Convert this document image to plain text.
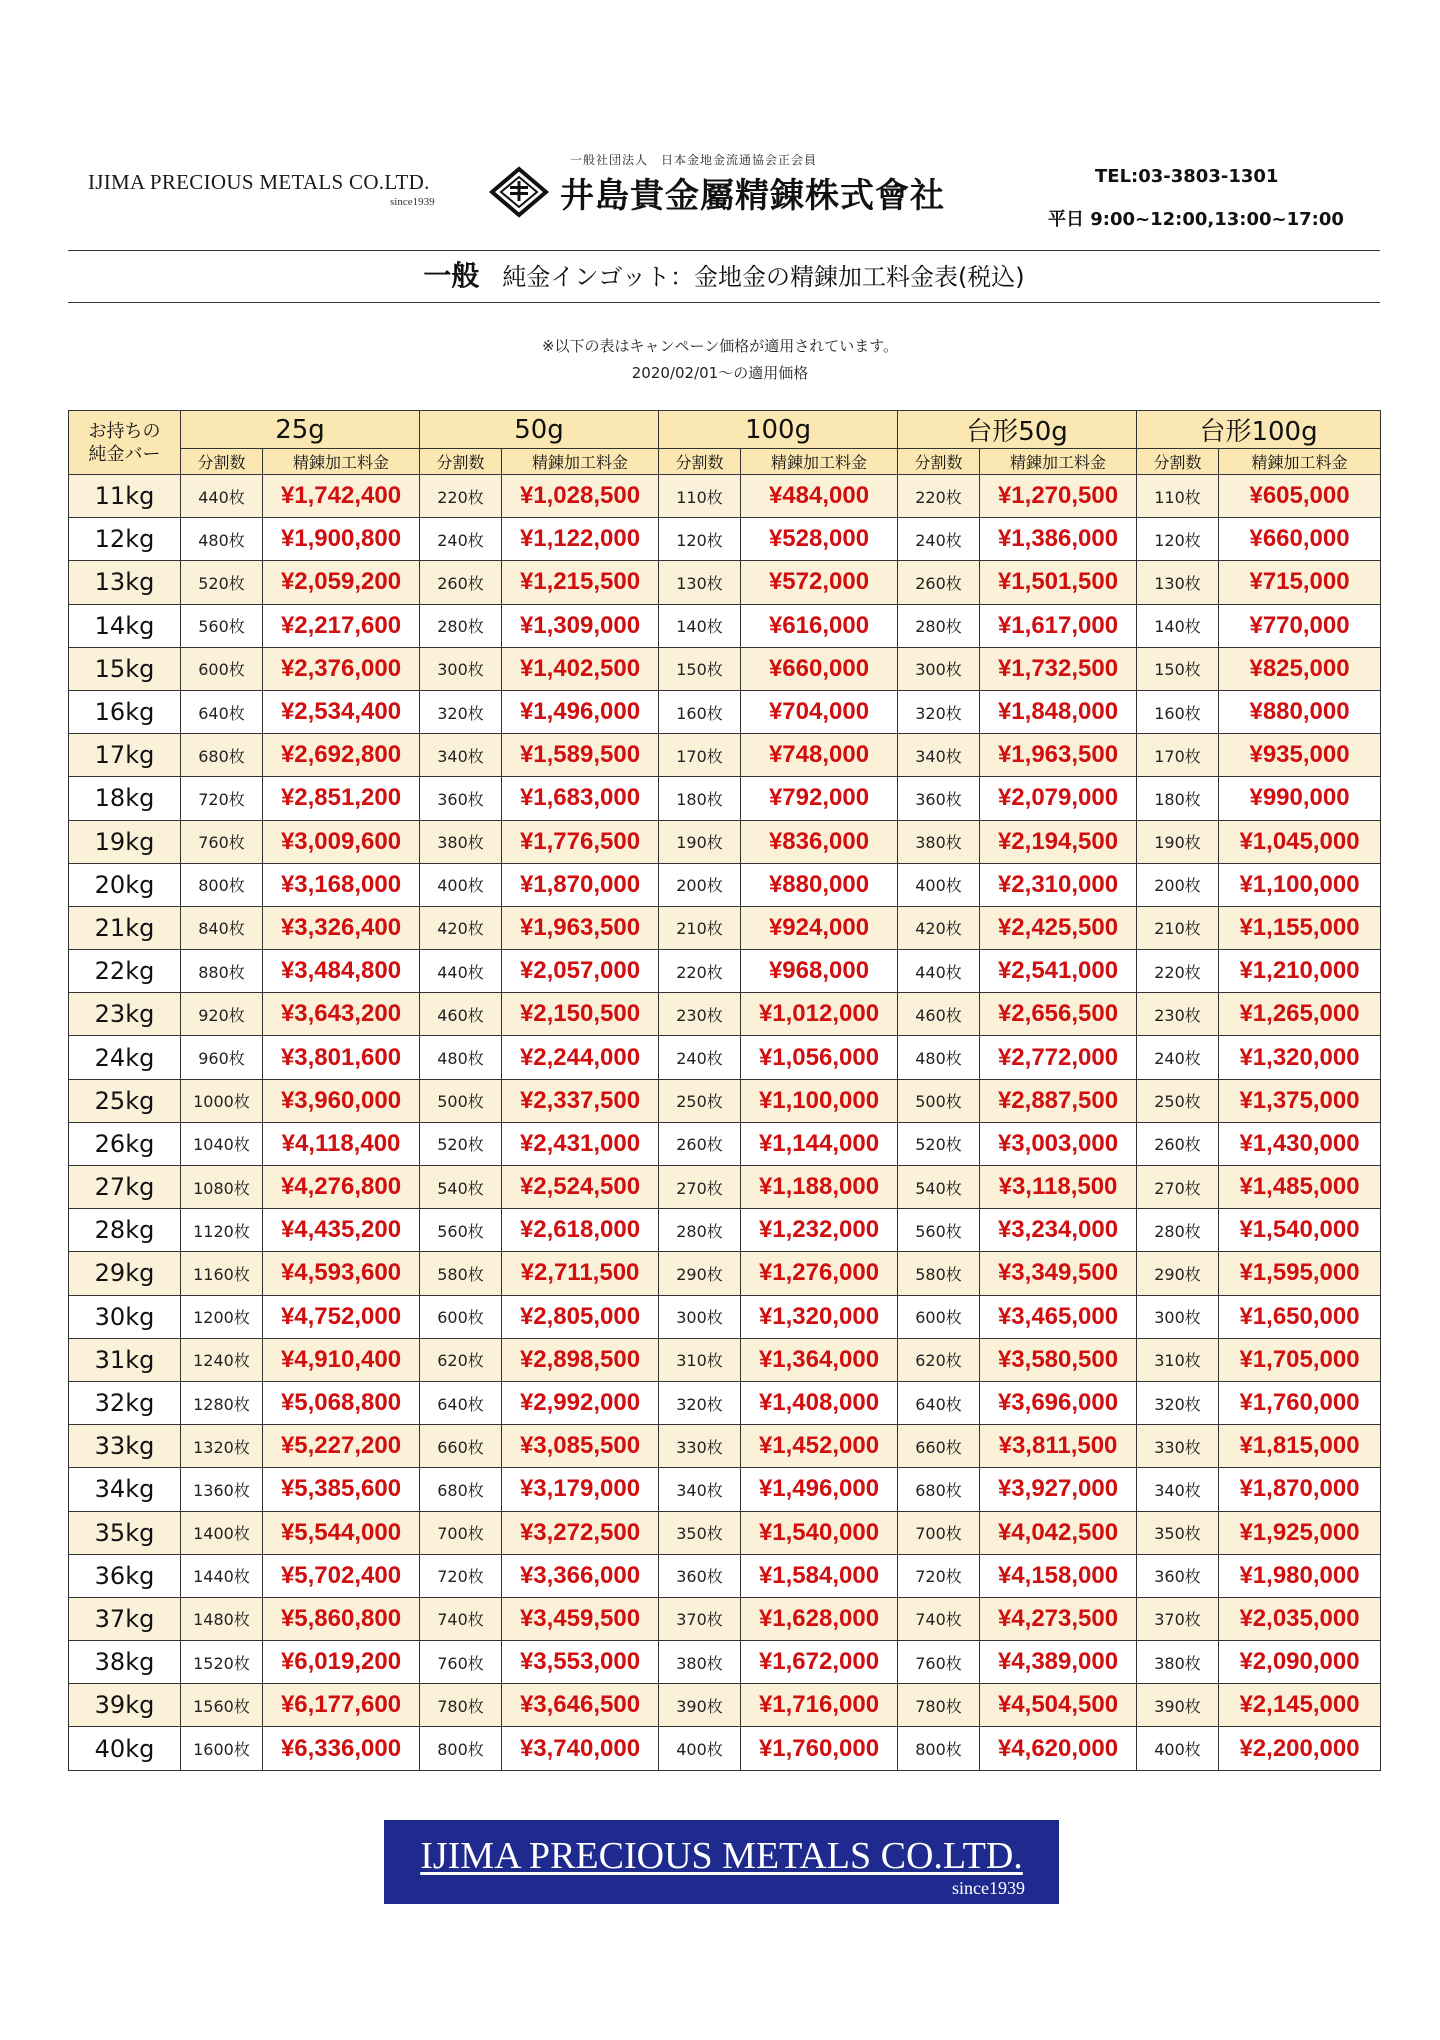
IJIMA PRECIOUS METALS CO.LTD.
since1939
一般社団法人　日本金地金流通協会正会員
井島貴金屬精錬株式會社	TEL:03-3803-1301
平日 9:00~12:00,13:00~17:00
一般 純金インゴット：金地金の精錬加工料金表(税込)
※以下の表はキャンペーン価格が適用されています。
2020/02/01～の適用価格
お持ちの
純金バー	25g		50g		100g		台形50g		台形100g	
	分割数	精錬加工料金	分割数	精錬加工料金	分割数	精錬加工料金	分割数	精錬加工料金	分割数	精錬加工料金
11kg	440枚	¥1,742,400	220枚	¥1,028,500	110枚	¥484,000	220枚	¥1,270,500	110枚	¥605,000
12kg	480枚	¥1,900,800	240枚	¥1,122,000	120枚	¥528,000	240枚	¥1,386,000	120枚	¥660,000
13kg	520枚	¥2,059,200	260枚	¥1,215,500	130枚	¥572,000	260枚	¥1,501,500	130枚	¥715,000
14kg	560枚	¥2,217,600	280枚	¥1,309,000	140枚	¥616,000	280枚	¥1,617,000	140枚	¥770,000
15kg	600枚	¥2,376,000	300枚	¥1,402,500	150枚	¥660,000	300枚	¥1,732,500	150枚	¥825,000
16kg	640枚	¥2,534,400	320枚	¥1,496,000	160枚	¥704,000	320枚	¥1,848,000	160枚	¥880,000
17kg	680枚	¥2,692,800	340枚	¥1,589,500	170枚	¥748,000	340枚	¥1,963,500	170枚	¥935,000
18kg	720枚	¥2,851,200	360枚	¥1,683,000	180枚	¥792,000	360枚	¥2,079,000	180枚	¥990,000
19kg	760枚	¥3,009,600	380枚	¥1,776,500	190枚	¥836,000	380枚	¥2,194,500	190枚	¥1,045,000
20kg	800枚	¥3,168,000	400枚	¥1,870,000	200枚	¥880,000	400枚	¥2,310,000	200枚	¥1,100,000
21kg	840枚	¥3,326,400	420枚	¥1,963,500	210枚	¥924,000	420枚	¥2,425,500	210枚	¥1,155,000
22kg	880枚	¥3,484,800	440枚	¥2,057,000	220枚	¥968,000	440枚	¥2,541,000	220枚	¥1,210,000
23kg	920枚	¥3,643,200	460枚	¥2,150,500	230枚	¥1,012,000	460枚	¥2,656,500	230枚	¥1,265,000
24kg	960枚	¥3,801,600	480枚	¥2,244,000	240枚	¥1,056,000	480枚	¥2,772,000	240枚	¥1,320,000
25kg	1000枚	¥3,960,000	500枚	¥2,337,500	250枚	¥1,100,000	500枚	¥2,887,500	250枚	¥1,375,000
26kg	1040枚	¥4,118,400	520枚	¥2,431,000	260枚	¥1,144,000	520枚	¥3,003,000	260枚	¥1,430,000
27kg	1080枚	¥4,276,800	540枚	¥2,524,500	270枚	¥1,188,000	540枚	¥3,118,500	270枚	¥1,485,000
28kg	1120枚	¥4,435,200	560枚	¥2,618,000	280枚	¥1,232,000	560枚	¥3,234,000	280枚	¥1,540,000
29kg	1160枚	¥4,593,600	580枚	¥2,711,500	290枚	¥1,276,000	580枚	¥3,349,500	290枚	¥1,595,000
30kg	1200枚	¥4,752,000	600枚	¥2,805,000	300枚	¥1,320,000	600枚	¥3,465,000	300枚	¥1,650,000
31kg	1240枚	¥4,910,400	620枚	¥2,898,500	310枚	¥1,364,000	620枚	¥3,580,500	310枚	¥1,705,000
32kg	1280枚	¥5,068,800	640枚	¥2,992,000	320枚	¥1,408,000	640枚	¥3,696,000	320枚	¥1,760,000
33kg	1320枚	¥5,227,200	660枚	¥3,085,500	330枚	¥1,452,000	660枚	¥3,811,500	330枚	¥1,815,000
34kg	1360枚	¥5,385,600	680枚	¥3,179,000	340枚	¥1,496,000	680枚	¥3,927,000	340枚	¥1,870,000
35kg	1400枚	¥5,544,000	700枚	¥3,272,500	350枚	¥1,540,000	700枚	¥4,042,500	350枚	¥1,925,000
36kg	1440枚	¥5,702,400	720枚	¥3,366,000	360枚	¥1,584,000	720枚	¥4,158,000	360枚	¥1,980,000
37kg	1480枚	¥5,860,800	740枚	¥3,459,500	370枚	¥1,628,000	740枚	¥4,273,500	370枚	¥2,035,000
38kg	1520枚	¥6,019,200	760枚	¥3,553,000	380枚	¥1,672,000	760枚	¥4,389,000	380枚	¥2,090,000
39kg	1560枚	¥6,177,600	780枚	¥3,646,500	390枚	¥1,716,000	780枚	¥4,504,500	390枚	¥2,145,000
40kg	1600枚	¥6,336,000	800枚	¥3,740,000	400枚	¥1,760,000	800枚	¥4,620,000	400枚	¥2,200,000
IJIMA PRECIOUS METALS CO.LTD.
since1939
